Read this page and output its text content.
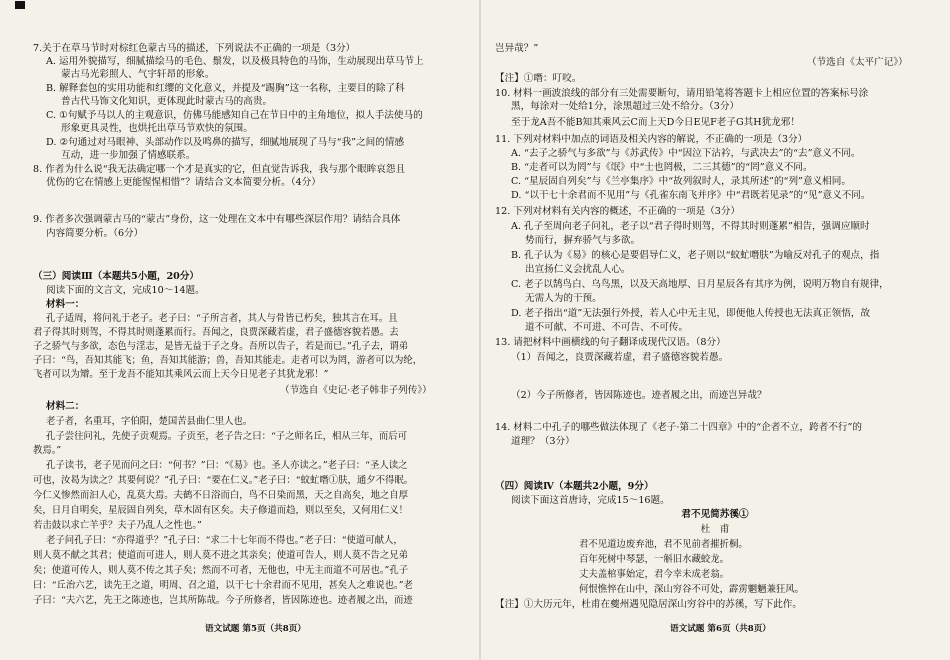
7.关于在草马节时对棕红色蒙古马的描述，下列说法不正确的一项是（3分）
A. 运用外貌描写，细腻描绘马的毛色、鬃发，以及极具特色的马饰，生动展现出草马节上
蒙古马光彩照人、气宇轩昂的形象。
B. 解释套包的实用功能和红缨的文化意义，并提及“踢胸”这一名称，主要目的除了科
普古代马饰文化知识，更体现此时蒙古马的高贵。
C. ①句赋予马以人的主观意识，仿佛马能感知自己在节日中的主角地位，拟人手法使马的
形象更具灵性，也烘托出草马节欢快的氛围。
D. ②句通过对马眼神、头部动作以及鸣鼻的描写，细腻地展现了马与“我”之间的情感
互动，进一步加强了情感联系。
8. 作者为什么说“我无法确定哪一个才是真实的它，但直觉告诉我，我与那个眼眸哀怨且
优伤的它在情感上更能惺惺相惜”？请结合文本简要分析。（4分）
9. 作者多次强调蒙古马的“蒙古”身份，这一处理在文本中有哪些深层作用？请结合具体
内容简要分析。（6分）
（三）阅读Ⅲ（本题共5小题，20分）
阅读下面的文言文，完成10～14题。
材料一：
孔子适周，将问礼于老子。老子曰：“子所言者，其人与骨皆已朽矣，独其言在耳。且
君子得其时则驾，不得其时则蓬累而行。吾闻之，良贾深藏若虚，君子盛德容貌若愚。去
子之骄气与多欲，态色与淫志，是皆无益于子之身。吾所以告子，若是而已。”孔子去，谓弟
子曰：“鸟，吾知其能飞；鱼，吾知其能游；兽，吾知其能走。走者可以为罔，游者可以为纶，
飞者可以为矰。至于龙吾不能知其乘风云而上天今日见老子其犹龙邪！”
（节选自《史记·老子韩非子列传》）
材料二：
老子者，名重耳，字伯阳，楚国苦县曲仁里人也。
孔子尝往问礼，先使子贡观焉。子贡至，老子告之曰：“子之师名丘，相从三年，而后可
教焉。”
孔子读书，老子见而问之曰：“何书？”曰：“《易》也。圣人亦读之。”老子曰：“圣人读之
可也，汝曷为读之？其要何说？”孔子曰：“要在仁义。”老子曰：“蚊虻噆①肤，通夕不得眠。
今仁义惨然而汩人心，乱莫大焉。夫鹤不日浴而白，鸟不日染而黑，天之自高矣，地之自厚
矣，日月自明矣，星辰固自列矣，草木固有区矣。夫子修道而趋，则以至矣，又何用仁义！
若击鼓以求亡羊乎？夫子乃乱人之性也。”
老子问孔子曰：“亦得道乎？”孔子曰：“求二十七年而不得也。”老子曰：“使道可献人，
则人莫不献之其君；使道而可进人，则人莫不进之其亲矣；使道可告人，则人莫不告之兄弟
矣；使道可传人，则人莫不传之其子矣；然而不可者，无他也，中无主而道不可居也。”孔子
曰：“丘治六艺，读先王之道，明周、召之道，以干七十余君而不见用，甚矣人之难说也。”老
子曰：“夫六艺，先王之陈迹也，岂其所陈哉。今子所修者，皆因陈迹也。迹者履之出，而迹
语文试题 第5页（共8页）
岂异哉？”
（节选自《太平广记》）
【注】①噆：叮咬。
10. 材料一画波浪线的部分有三处需要断句，请用铅笔将答题卡上相应位置的答案标号涂
黑，每涂对一处给1分，涂黑超过三处不给分。（3分）
至于龙A吾不能B知其乘风云C而上天D今日E见F老子G其H犹龙邪！
11. 下列对材料中加点的词语及相关内容的解说，不正确的一项是（3分）
A. “去子之骄气与多欲”与《苏武传》中“因泣下沾衿，与武决去”的“去”意义不同。
B. “走者可以为罔”与《氓》中“士也罔极，二三其德”的“罔”意义不同。
C. “星辰固自列矣”与《兰亭集序》中“故列叙时人，录其所述”的“列”意义相同。
D. “以干七十余君而不见用”与《孔雀东南飞并序》中“君既若见录”的“见”意义不同。
12. 下列对材料有关内容的概述，不正确的一项是（3分）
A. 孔子至周向老子问礼，老子以“君子得时则驾，不得其时则蓬累”相告，强调应顺时
势而行，摒弃骄气与多欲。
B. 孔子认为《易》的核心是要倡导仁义，老子则以“蚊虻噆肤”为喻反对孔子的观点，指
出宣扬仁义会扰乱人心。
C. 老子以鹄鸟白、乌鸟黑，以及天高地厚、日月星辰各有其序为例，说明万物自有规律，
无需人为的干预。
D. 老子指出“道”无法强行外授，若人心中无主见，即便他人传授也无法真正领悟，故
道不可献、不可进、不可告、不可传。
13. 请把材料中画横线的句子翻译成现代汉语。（8分）
（1）吾闻之，良贾深藏若虚，君子盛德容貌若愚。
（2）今子所修者，皆因陈迹也。迹者履之出，而迹岂异哉？
14. 材料二中孔子的哪些做法体现了《老子·第二十四章》中的“企者不立，跨者不行”的
道理？（3分）
（四）阅读Ⅳ（本题共2小题，9分）
阅读下面这首唐诗，完成15～16题。
君不见简苏徯①
杜　甫
君不见道边废弃池，君不见前者摧折桐。
百年死树中琴瑟，一斛旧水藏蛟龙。
丈夫盖棺事始定，君今幸未成老翁。
何恨憔悴在山中，深山穷谷不可处，霹雳魍魉兼狂风。
【注】①大历元年，杜甫在夔州遇见隐居深山穷谷中的苏徯，写下此作。
语文试题 第6页（共8页）
